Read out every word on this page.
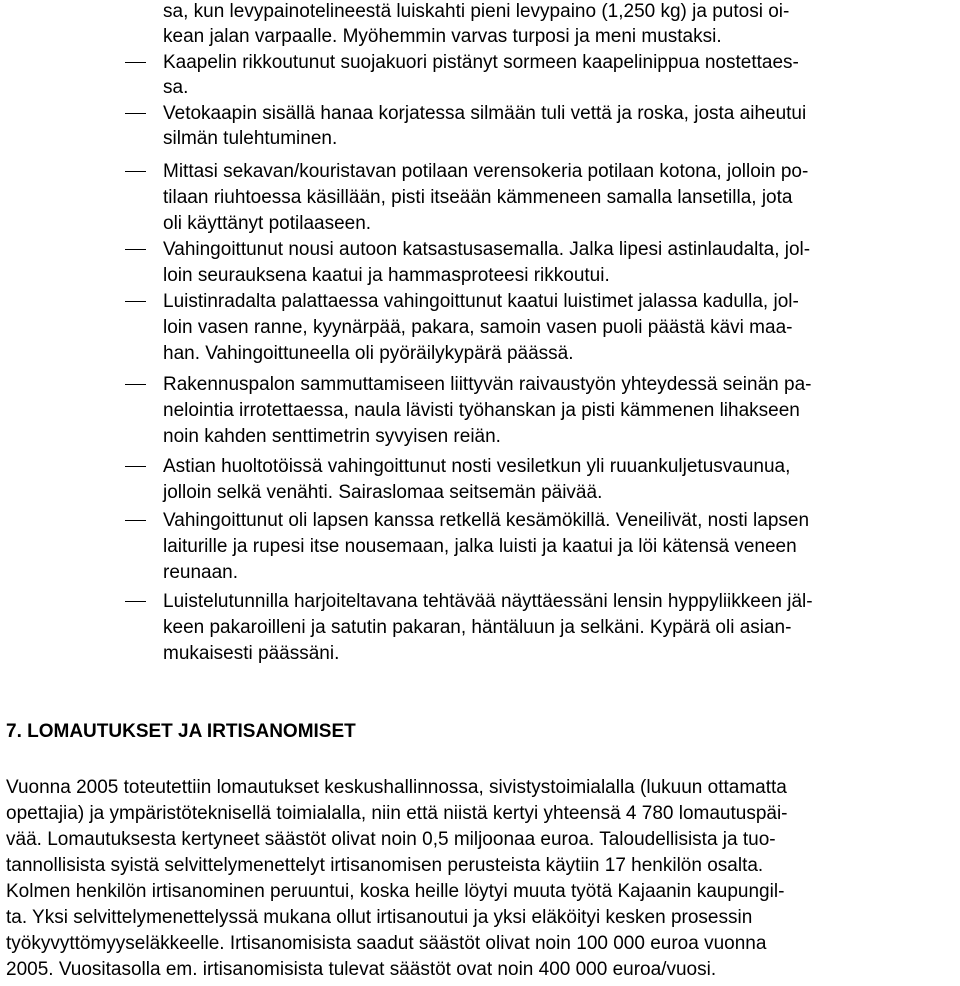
sa, kun levypainotelineestä luiskahti pieni levypaino (1,250 kg) ja putosi oi-
kean jalan varpaalle. Myöhemmin varvas turposi ja meni mustaksi.
Kaapelin rikkoutunut suojakuori pistänyt sormeen kaapelinippua nostettaes-
sa.
Vetokaapin sisällä hanaa korjatessa silmään tuli vettä ja roska, josta aiheutui
silmän tulehtuminen.
Mittasi sekavan/kouristavan potilaan verensokeria potilaan kotona, jolloin po-
tilaan riuhtoessa käsillään, pisti itseään kämmeneen samalla lansetilla, jota
oli käyttänyt potilaaseen.
Vahingoittunut nousi autoon katsastusasemalla. Jalka lipesi astinlaudalta, jol-
loin seurauksena kaatui ja hammasproteesi rikkoutui.
Luistinradalta palattaessa vahingoittunut kaatui luistimet jalassa kadulla, jol-
loin vasen ranne, kyynärpää, pakara, samoin vasen puoli päästä kävi maa-
han. Vahingoittuneella oli pyöräilykypärä päässä.
Rakennuspalon sammuttamiseen liittyvän raivaustyön yhteydessä seinän pa-
nelointia irrotettaessa, naula lävisti työhanskan ja pisti kämmenen lihakseen
noin kahden senttimetrin syvyisen reiän.
Astian huoltotöissä vahingoittunut nosti vesiletkun yli ruuankuljetusvaunua,
jolloin selkä venähti. Sairaslomaa seitsemän päivää.
Vahingoittunut oli lapsen kanssa retkellä kesämökillä. Veneilivät, nosti lapsen
laiturille ja rupesi itse nousemaan, jalka luisti ja kaatui ja löi kätensä veneen
reunaan.
Luistelutunnilla harjoiteltavana tehtävää näyttäessäni lensin hyppyliikkeen jäl-
keen pakaroilleni ja satutin pakaran, häntäluun ja selkäni. Kypärä oli asian-
mukaisesti päässäni.
7. LOMAUTUKSET JA IRTISANOMISET
Vuonna 2005 toteutettiin lomautukset keskushallinnossa, sivistystoimialalla (lukuun ottamatta
opettajia) ja ympäristöteknisellä toimialalla, niin että niistä kertyi yhteensä 4 780 lomautuspäi-
vää. Lomautuksesta kertyneet säästöt olivat noin 0,5 miljoonaa euroa. Taloudellisista ja tuo-
tannollisista syistä selvittelymenettelyt irtisanomisen perusteista käytiin 17 henkilön osalta.
Kolmen henkilön irtisanominen peruuntui, koska heille löytyi muuta työtä Kajaanin kaupungil-
ta. Yksi selvittelymenettelyssä mukana ollut irtisanoutui ja yksi eläköityi kesken prosessin
työkyvyttömyyseläkkeelle. Irtisanomisista saadut säästöt olivat noin 100 000 euroa vuonna
2005. Vuositasolla em. irtisanomisista tulevat säästöt ovat noin 400 000 euroa/vuosi.
